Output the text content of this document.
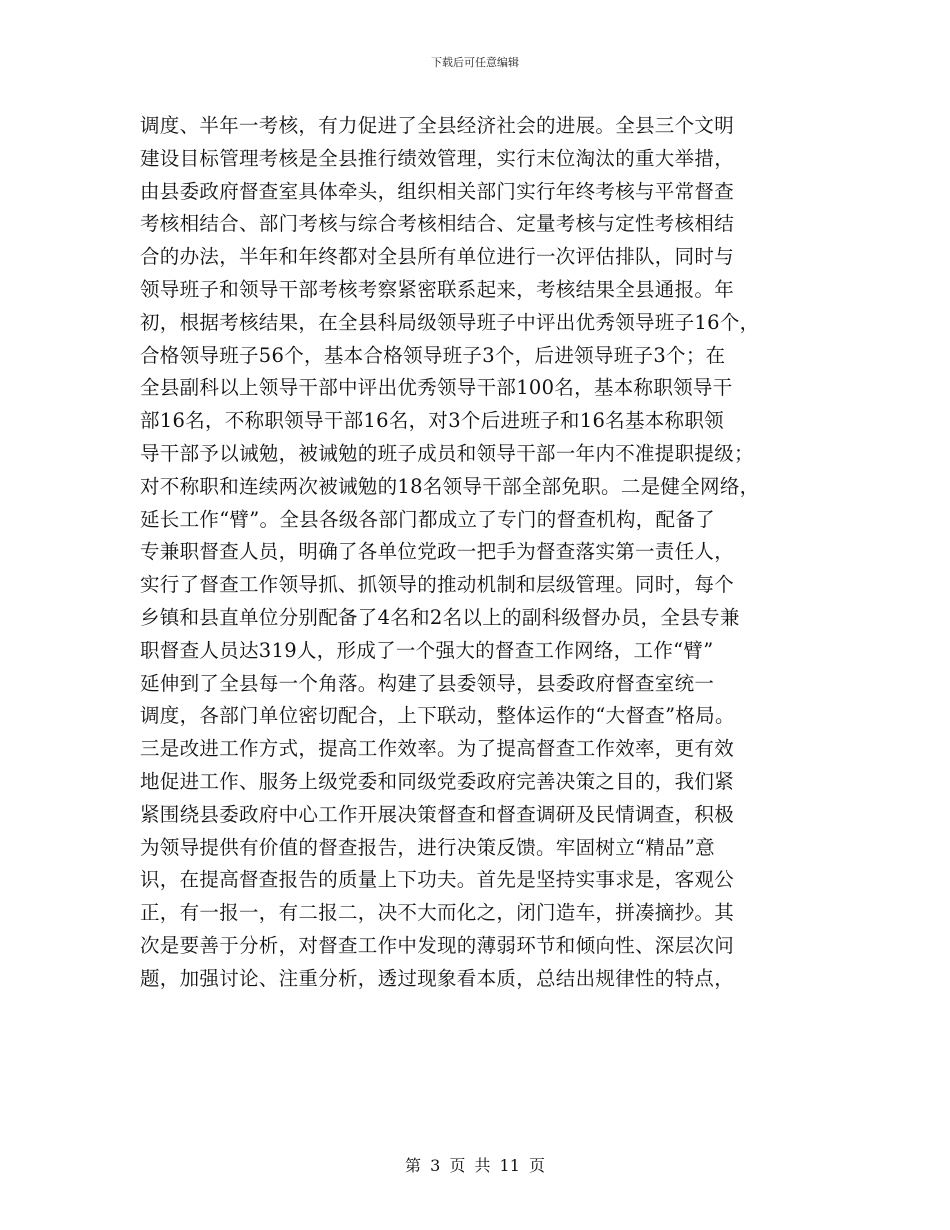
下载后可任意编辑
调度、半年一考核，有力促进了全县经济社会的进展。全县三个文明
建设目标管理考核是全县推行绩效管理，实行末位淘汰的重大举措，
由县委政府督查室具体牵头，组织相关部门实行年终考核与平常督查
考核相结合、部门考核与综合考核相结合、定量考核与定性考核相结
合的办法，半年和年终都对全县所有单位进行一次评估排队，同时与
领导班子和领导干部考核考察紧密联系起来，考核结果全县通报。年
初，根据考核结果，在全县科局级领导班子中评出优秀领导班子16个，
合格领导班子56个，基本合格领导班子3个，后进领导班子3个；在
全县副科以上领导干部中评出优秀领导干部100名，基本称职领导干
部16名，不称职领导干部16名，对3个后进班子和16名基本称职领
导干部予以诫勉，被诫勉的班子成员和领导干部一年内不准提职提级；
对不称职和连续两次被诫勉的18名领导干部全部免职。二是健全网络，
延长工作“臂”。全县各级各部门都成立了专门的督查机构，配备了
专兼职督查人员，明确了各单位党政一把手为督查落实第一责任人，
实行了督查工作领导抓、抓领导的推动机制和层级管理。同时，每个
乡镇和县直单位分别配备了4名和2名以上的副科级督办员，全县专兼
职督查人员达319人，形成了一个强大的督查工作网络，工作“臂”
延伸到了全县每一个角落。构建了县委领导，县委政府督查室统一
调度，各部门单位密切配合，上下联动，整体运作的“大督查”格局。
三是改进工作方式，提高工作效率。为了提高督查工作效率，更有效
地促进工作、服务上级党委和同级党委政府完善决策之目的，我们紧
紧围绕县委政府中心工作开展决策督查和督查调研及民情调查，积极
为领导提供有价值的督查报告，进行决策反馈。牢固树立“精品”意
识，在提高督查报告的质量上下功夫。首先是坚持实事求是，客观公
正，有一报一，有二报二，决不大而化之，闭门造车，拼凑摘抄。其
次是要善于分析，对督查工作中发现的薄弱环节和倾向性、深层次问
题，加强讨论、注重分析，透过现象看本质，总结出规律性的特点，
第 3 页 共 11 页
